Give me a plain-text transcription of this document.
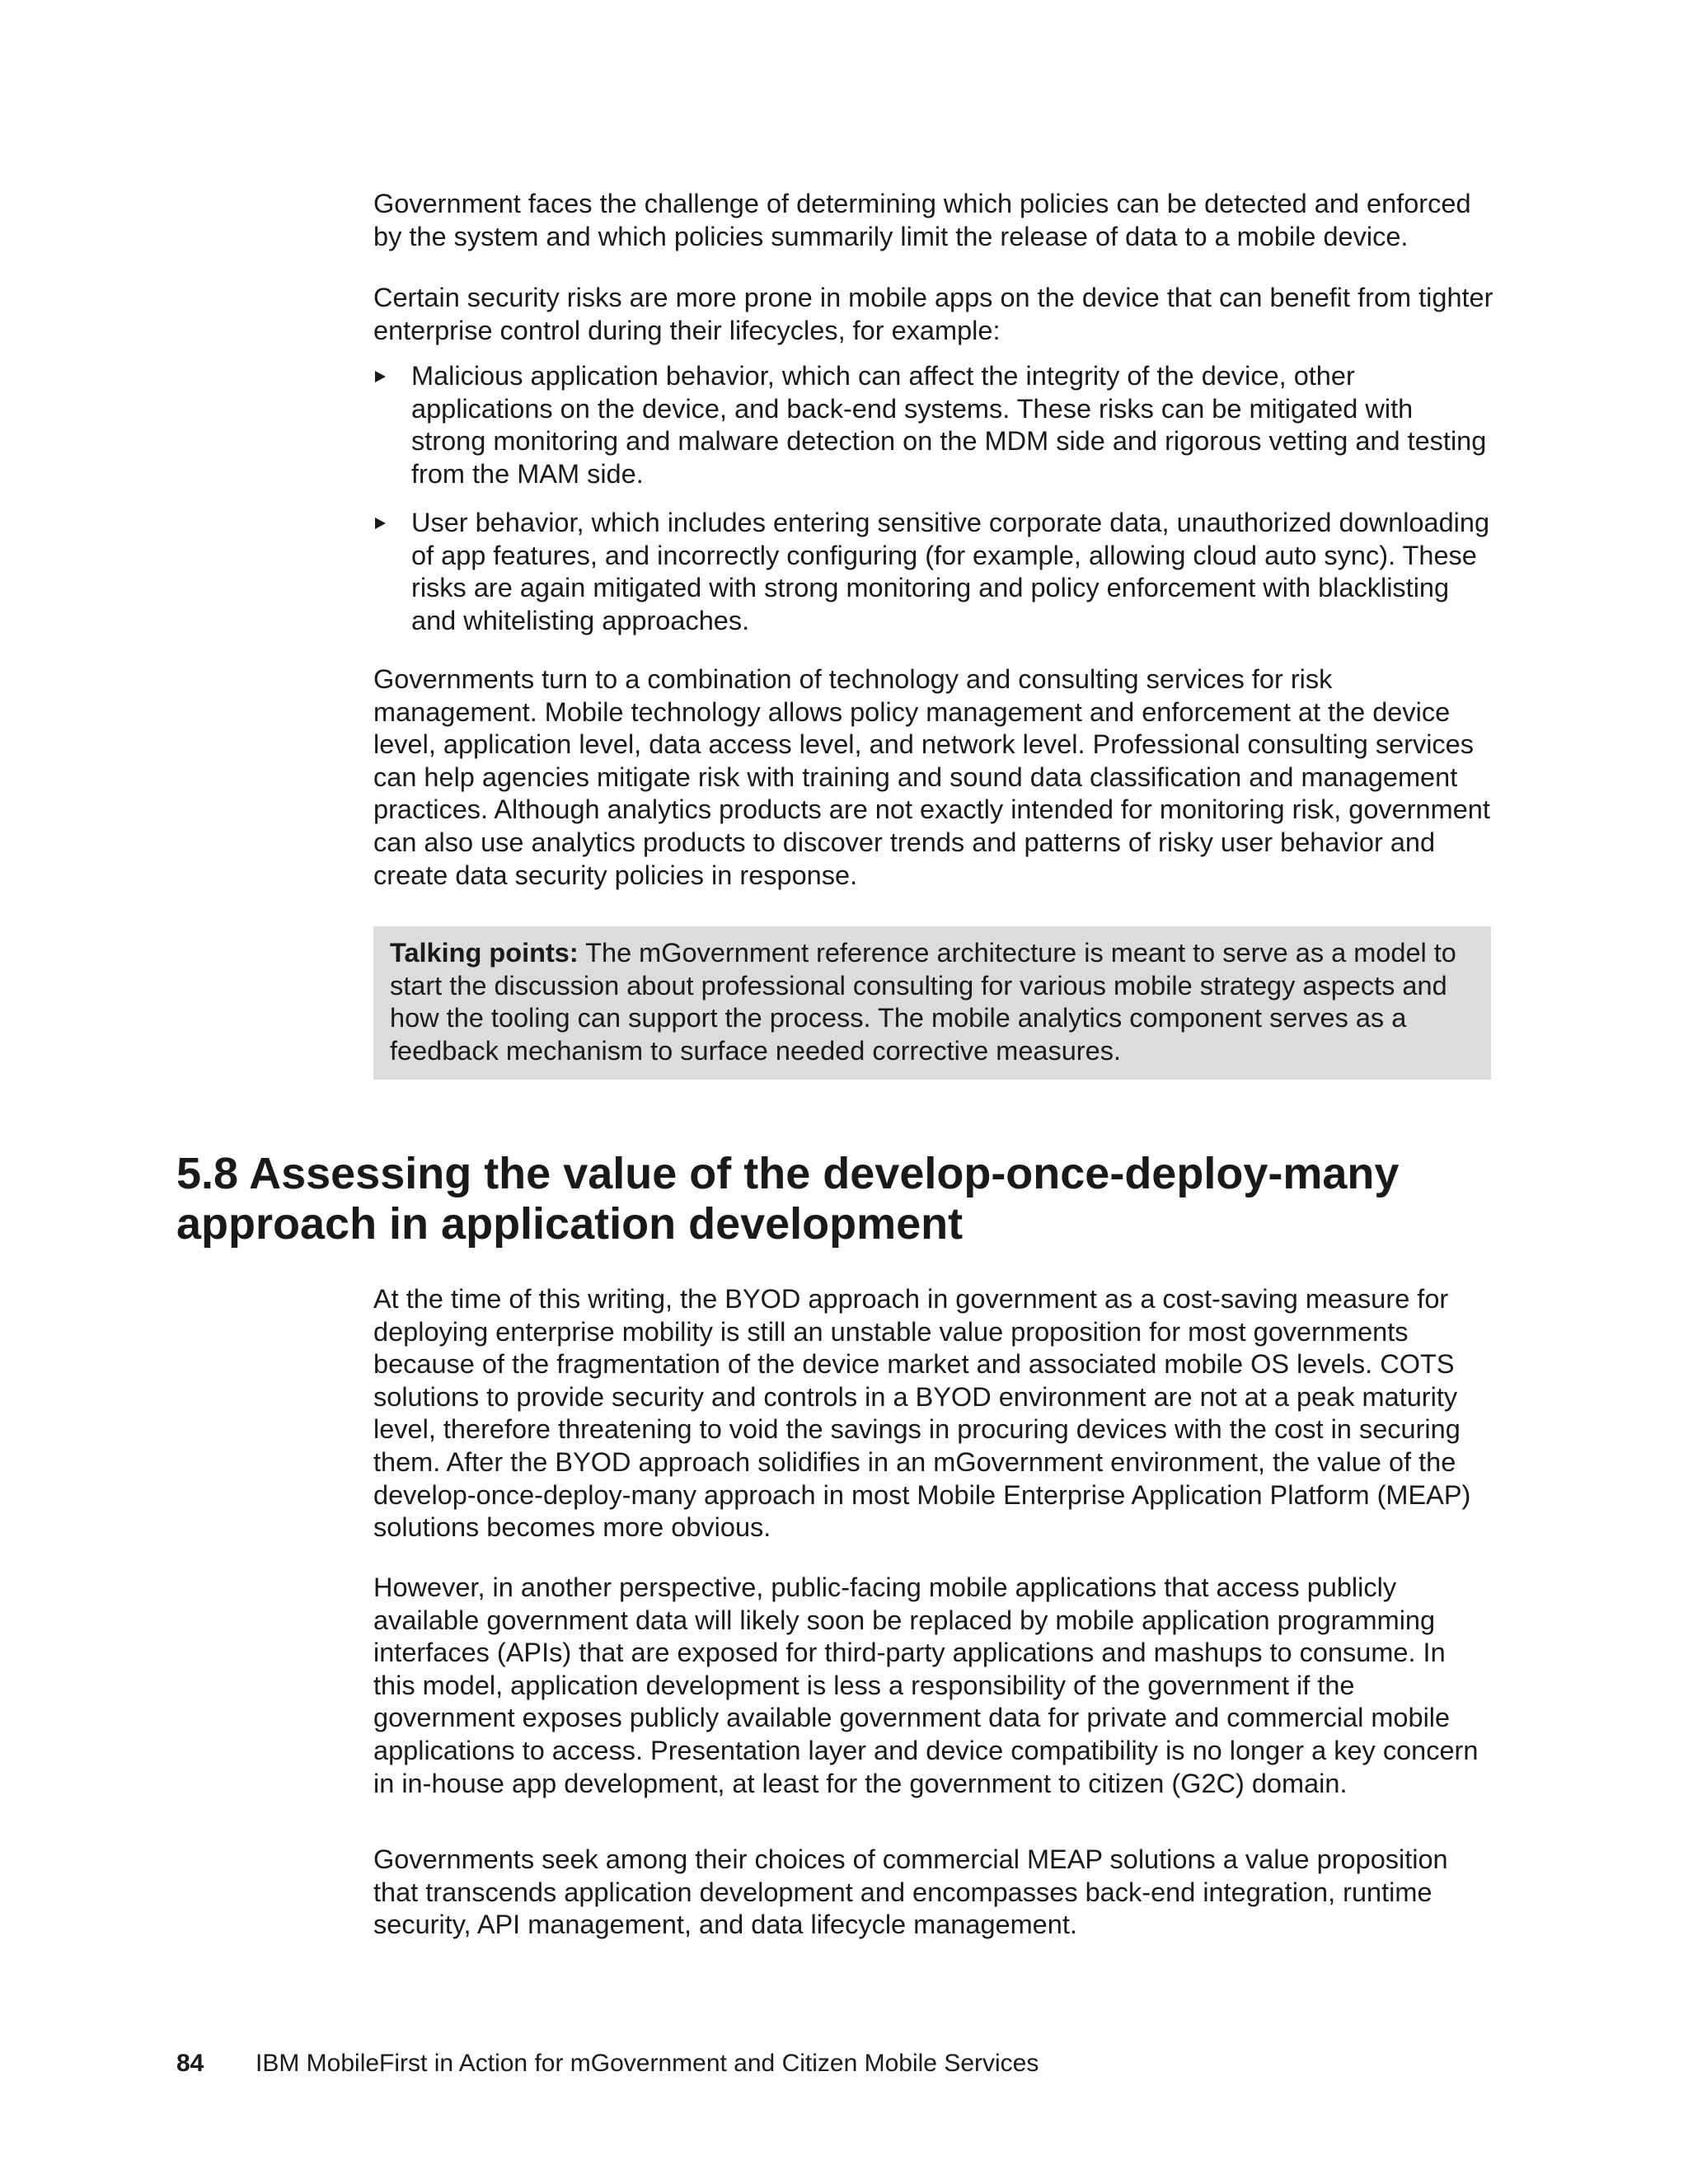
Government faces the challenge of determining which policies can be detected and enforced by the system and which policies summarily limit the release of data to a mobile device.

Certain security risks are more prone in mobile apps on the device that can benefit from tighter enterprise control during their lifecycles, for example:

Malicious application behavior, which can affect the integrity of the device, other applications on the device, and back-end systems. These risks can be mitigated with strong monitoring and malware detection on the MDM side and rigorous vetting and testing from the MAM side.
User behavior, which includes entering sensitive corporate data, unauthorized downloading of app features, and incorrectly configuring (for example, allowing cloud auto sync). These risks are again mitigated with strong monitoring and policy enforcement with blacklisting and whitelisting approaches.

Governments turn to a combination of technology and consulting services for risk management. Mobile technology allows policy management and enforcement at the device level, application level, data access level, and network level. Professional consulting services can help agencies mitigate risk with training and sound data classification and management practices. Although analytics products are not exactly intended for monitoring risk, government can also use analytics products to discover trends and patterns of risky user behavior and create data security policies in response.

Talking points: The mGovernment reference architecture is meant to serve as a model to start the discussion about professional consulting for various mobile strategy aspects and how the tooling can support the process. The mobile analytics component serves as a feedback mechanism to surface needed corrective measures.

5.8 Assessing the value of the develop-once-deploy-many approach in application development

At the time of this writing, the BYOD approach in government as a cost-saving measure for deploying enterprise mobility is still an unstable value proposition for most governments because of the fragmentation of the device market and associated mobile OS levels. COTS solutions to provide security and controls in a BYOD environment are not at a peak maturity level, therefore threatening to void the savings in procuring devices with the cost in securing them. After the BYOD approach solidifies in an mGovernment environment, the value of the develop-once-deploy-many approach in most Mobile Enterprise Application Platform (MEAP) solutions becomes more obvious.

However, in another perspective, public-facing mobile applications that access publicly available government data will likely soon be replaced by mobile application programming interfaces (APIs) that are exposed for third-party applications and mashups to consume. In this model, application development is less a responsibility of the government if the government exposes publicly available government data for private and commercial mobile applications to access. Presentation layer and device compatibility is no longer a key concern in in-house app development, at least for the government to citizen (G2C) domain.

Governments seek among their choices of commercial MEAP solutions a value proposition that transcends application development and encompasses back-end integration, runtime security, API management, and data lifecycle management.

84 IBM MobileFirst in Action for mGovernment and Citizen Mobile Services
